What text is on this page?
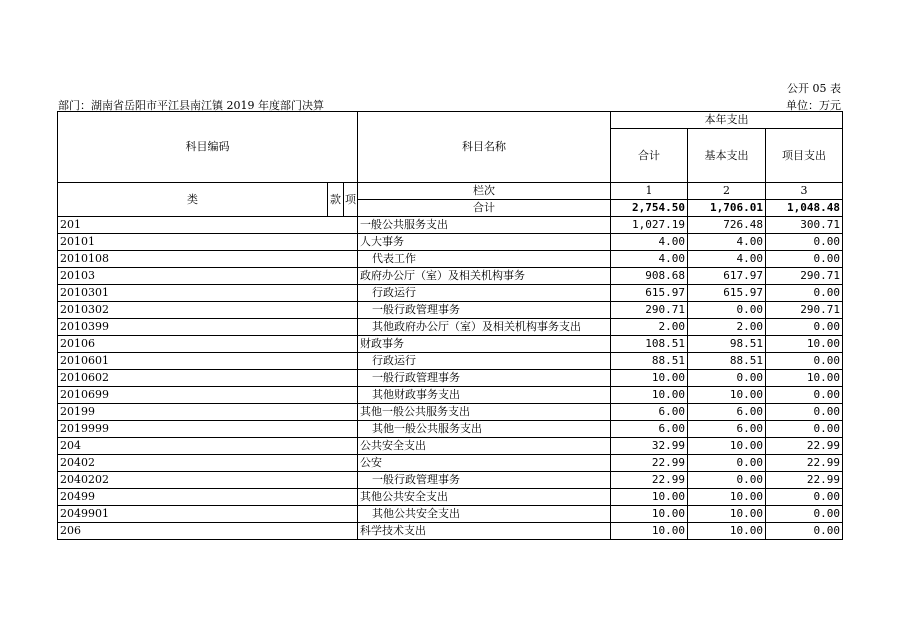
公开 05 表
部门：湖南省岳阳市平江县南江镇 2019 年度部门决算	单位：万元
科目编码			科目名称	本年支出		
				合计	基本支出	项目支出
类	款	项	栏次	1	2	3
			合计	2,754.50	1,706.01	1,048.48
201			一般公共服务支出	1,027.19	726.48	300.71
20101			人大事务	4.00	4.00	0.00
2010108			代表工作	4.00	4.00	0.00
20103			政府办公厅（室）及相关机构事务	908.68	617.97	290.71
2010301			行政运行	615.97	615.97	0.00
2010302			一般行政管理事务	290.71	0.00	290.71
2010399			其他政府办公厅（室）及相关机构事务支出	2.00	2.00	0.00
20106			财政事务	108.51	98.51	10.00
2010601			行政运行	88.51	88.51	0.00
2010602			一般行政管理事务	10.00	0.00	10.00
2010699			其他财政事务支出	10.00	10.00	0.00
20199			其他一般公共服务支出	6.00	6.00	0.00
2019999			其他一般公共服务支出	6.00	6.00	0.00
204			公共安全支出	32.99	10.00	22.99
20402			公安	22.99	0.00	22.99
2040202			一般行政管理事务	22.99	0.00	22.99
20499			其他公共安全支出	10.00	10.00	0.00
2049901			其他公共安全支出	10.00	10.00	0.00
206			科学技术支出	10.00	10.00	0.00
